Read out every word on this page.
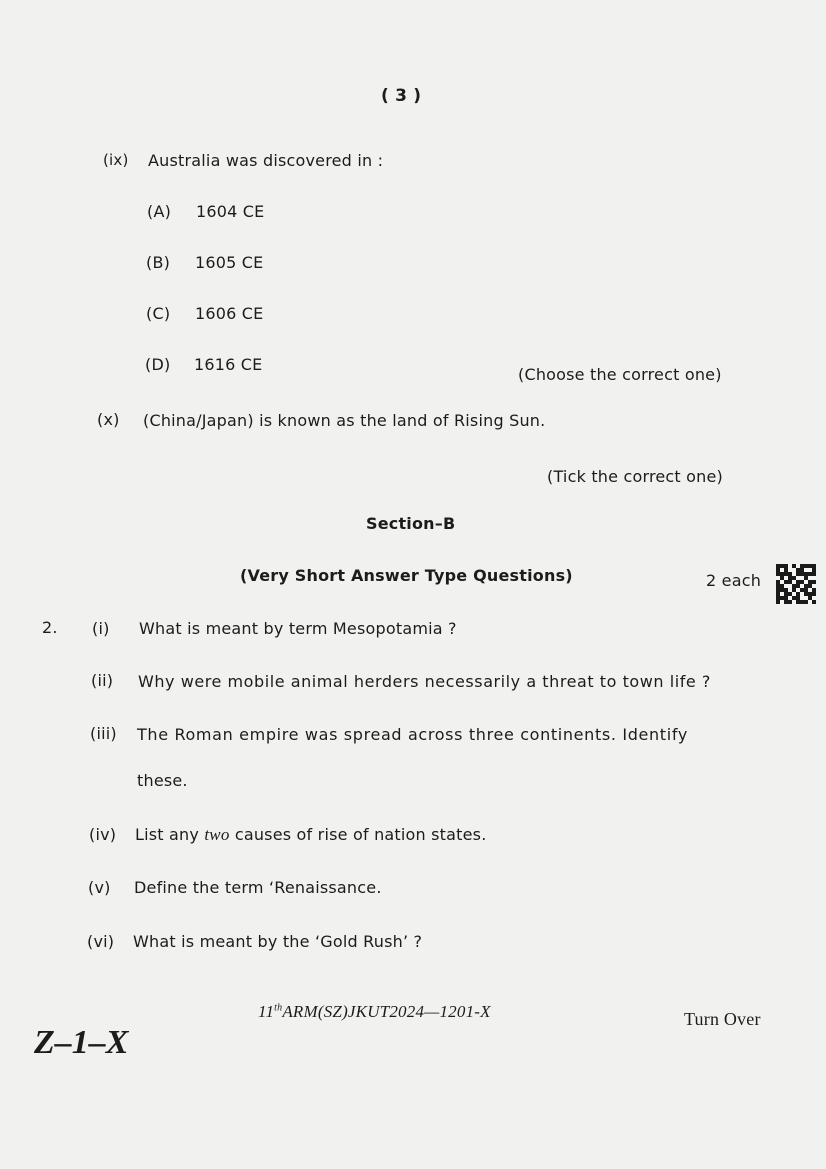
( 3 )
(ix) Australia was discovered in :
(A) 1604 CE
(B) 1605 CE
(C) 1606 CE
(D) 1616 CE
(Choose the correct one)
(x) (China/Japan) is known as the land of Rising Sun.
(Tick the correct one)
Section–B
(Very Short Answer Type Questions)	2 each
2. (i) What is meant by term Mesopotamia ?
(ii) Why were mobile animal herders necessarily a threat to town life ?
(iii) The Roman empire was spread across three continents. Identify
these.
(iv) List any two causes of rise of nation states.
(v) Define the term ‘Renaissance.
(vi) What is meant by the ‘Gold Rush’ ?
11thARM(SZ)JKUT2024—1201-X	Turn Over
Z–1–X
